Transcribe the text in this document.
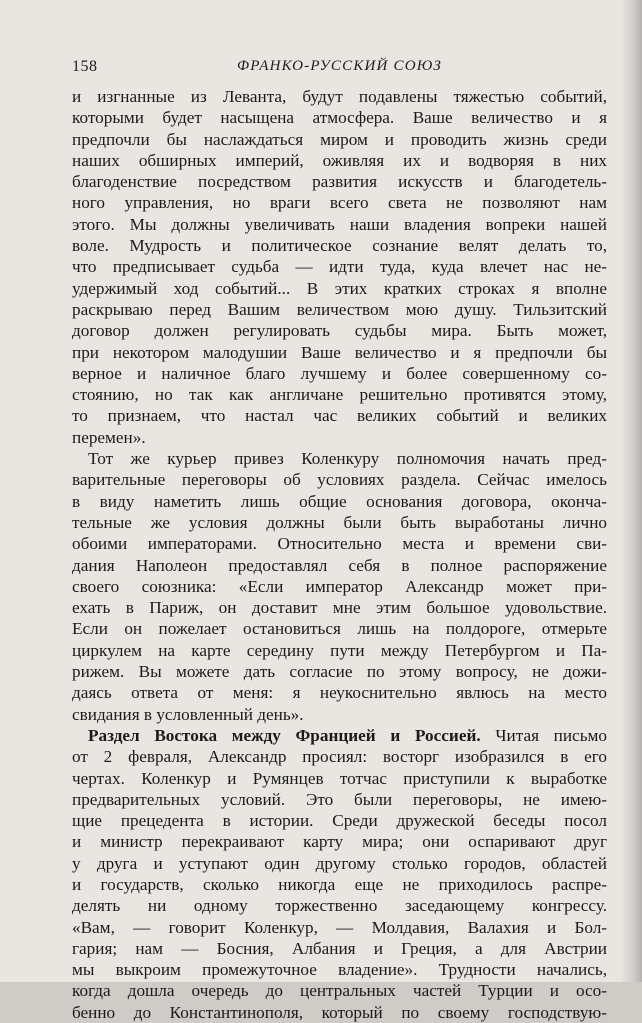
158	ФРАНКО-РУССКИЙ СОЮЗ
и изгнанные из Леванта, будут подавлены тяжестью событий,
которыми будет насыщена атмосфера. Ваше величество и я
предпочли бы наслаждаться миром и проводить жизнь среди
наших обширных империй, оживляя их и водворяя в них
благоденствие посредством развития искусств и благодетель-
ного управления, но враги всего света не позволяют нам
этого. Мы должны увеличивать наши владения вопреки нашей
воле. Мудрость и политическое сознание велят делать то,
что предписывает судьба — идти туда, куда влечет нас не-
удержимый ход событий... В этих кратких строках я вполне
раскрываю перед Вашим величеством мою душу. Тильзитский
договор должен регулировать судьбы мира. Быть может,
при некотором малодушии Ваше величество и я предпочли бы
верное и наличное благо лучшему и более совершенному со-
стоянию, но так как англичане решительно противятся этому,
то признаем, что настал час великих событий и великих
перемен».
Тот же курьер привез Коленкуру полномочия начать пред-
варительные переговоры об условиях раздела. Сейчас имелось
в виду наметить лишь общие основания договора, оконча-
тельные же условия должны были быть выработаны лично
обоими императорами. Относительно места и времени сви-
дания Наполеон предоставлял себя в полное распоряжение
своего союзника: «Если император Александр может при-
ехать в Париж, он доставит мне этим большое удовольствие.
Если он пожелает остановиться лишь на полдороге, отмерьте
циркулем на карте середину пути между Петербургом и Па-
рижем. Вы можете дать согласие по этому вопросу, не дожи-
даясь ответа от меня: я неукоснительно явлюсь на место
свидания в условленный день».
Раздел Востока между Францией и Россией. Читая письмо
от 2 февраля, Александр просиял: восторг изобразился в его
чертах. Коленкур и Румянцев тотчас приступили к выработке
предварительных условий. Это были переговоры, не имею-
щие прецедента в истории. Среди дружеской беседы посол
и министр перекраивают карту мира; они оспаривают друг
у друга и уступают один другому столько городов, областей
и государств, сколько никогда еще не приходилось распре-
делять ни одному торжественно заседающему конгрессу.
«Вам, — говорит Коленкур, — Молдавия, Валахия и Бол-
гария; нам — Босния, Албания и Греция, а для Австрии
мы выкроим промежуточное владение». Трудности начались,
когда дошла очередь до центральных частей Турции и осо-
бенно до Константинополя, который по своему господствую-
